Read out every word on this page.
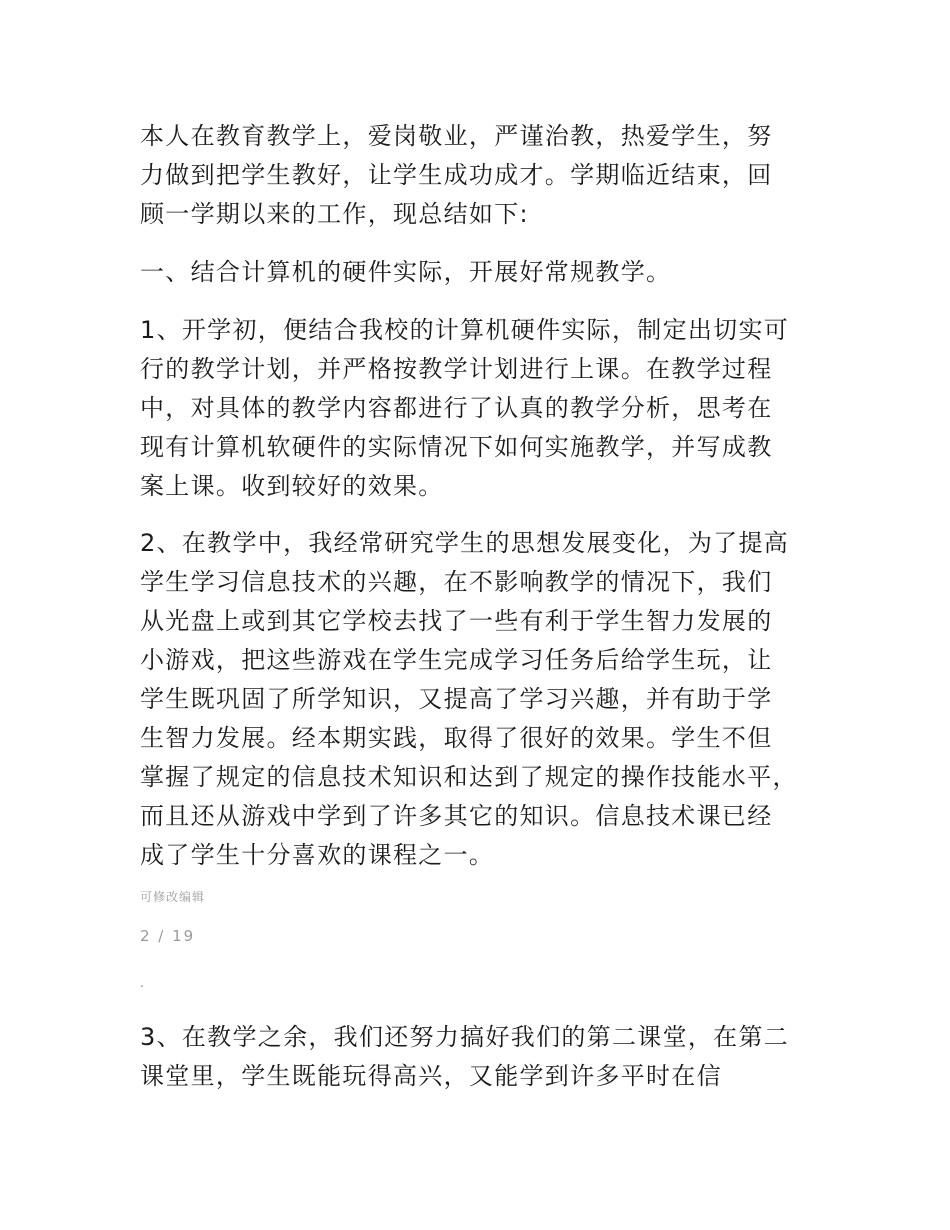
本人在教育教学上，爱岗敬业，严谨治教，热爱学生，努
力做到把学生教好，让学生成功成才。学期临近结束，回
顾一学期以来的工作，现总结如下:

一、结合计算机的硬件实际，开展好常规教学。

1、开学初，便结合我校的计算机硬件实际，制定出切实可
行的教学计划，并严格按教学计划进行上课。在教学过程
中，对具体的教学内容都进行了认真的教学分析，思考在
现有计算机软硬件的实际情况下如何实施教学，并写成教
案上课。收到较好的效果。

2、在教学中，我经常研究学生的思想发展变化，为了提高
学生学习信息技术的兴趣，在不影响教学的情况下，我们
从光盘上或到其它学校去找了一些有利于学生智力发展的
小游戏，把这些游戏在学生完成学习任务后给学生玩，让
学生既巩固了所学知识，又提高了学习兴趣，并有助于学
生智力发展。经本期实践，取得了很好的效果。学生不但
掌握了规定的信息技术知识和达到了规定的操作技能水平，
而且还从游戏中学到了许多其它的知识。信息技术课已经
成了学生十分喜欢的课程之一。

可修改编辑
2 / 19
.

3、在教学之余，我们还努力搞好我们的第二课堂，在第二
课堂里，学生既能玩得高兴，又能学到许多平时在信
